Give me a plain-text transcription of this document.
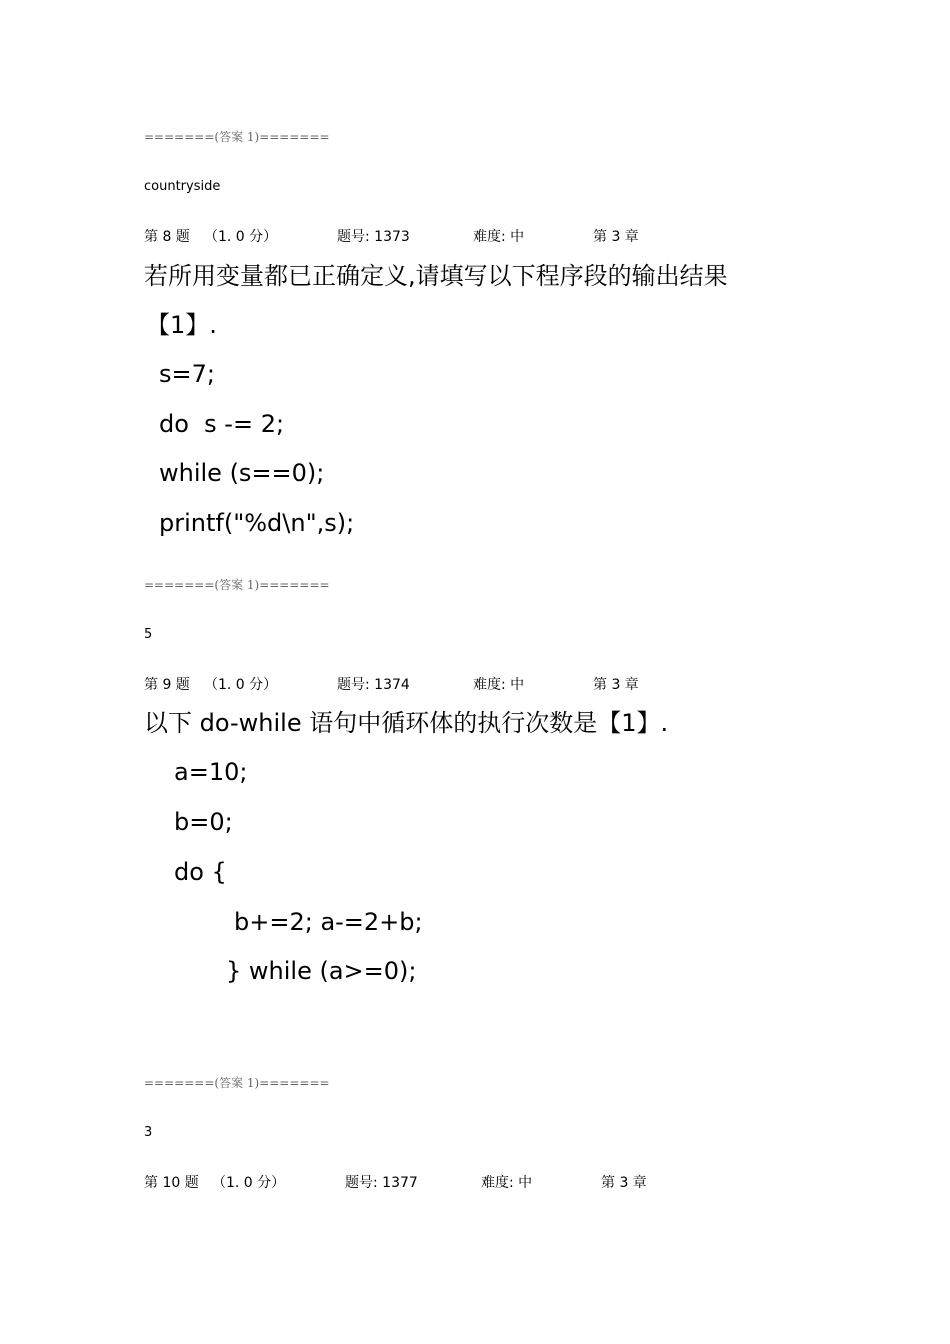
=======(答案 1)=======
countryside
第 8 题 （1. 0 分）	题号: 1373	难度: 中	第 3 章
若所用变量都已正确定义,请填写以下程序段的输出结果
【1】.
s=7;
do  s -= 2;
while (s==0);
printf("%d\n",s);
=======(答案 1)=======
5
第 9 题 （1. 0 分）	题号: 1374	难度: 中	第 3 章
以下 do-while 语句中循环体的执行次数是【1】.
a=10;
b=0;
do {
b+=2; a-=2+b;
} while (a>=0);
=======(答案 1)=======
3
第 10 题 （1. 0 分）	题号: 1377	难度: 中	第 3 章
